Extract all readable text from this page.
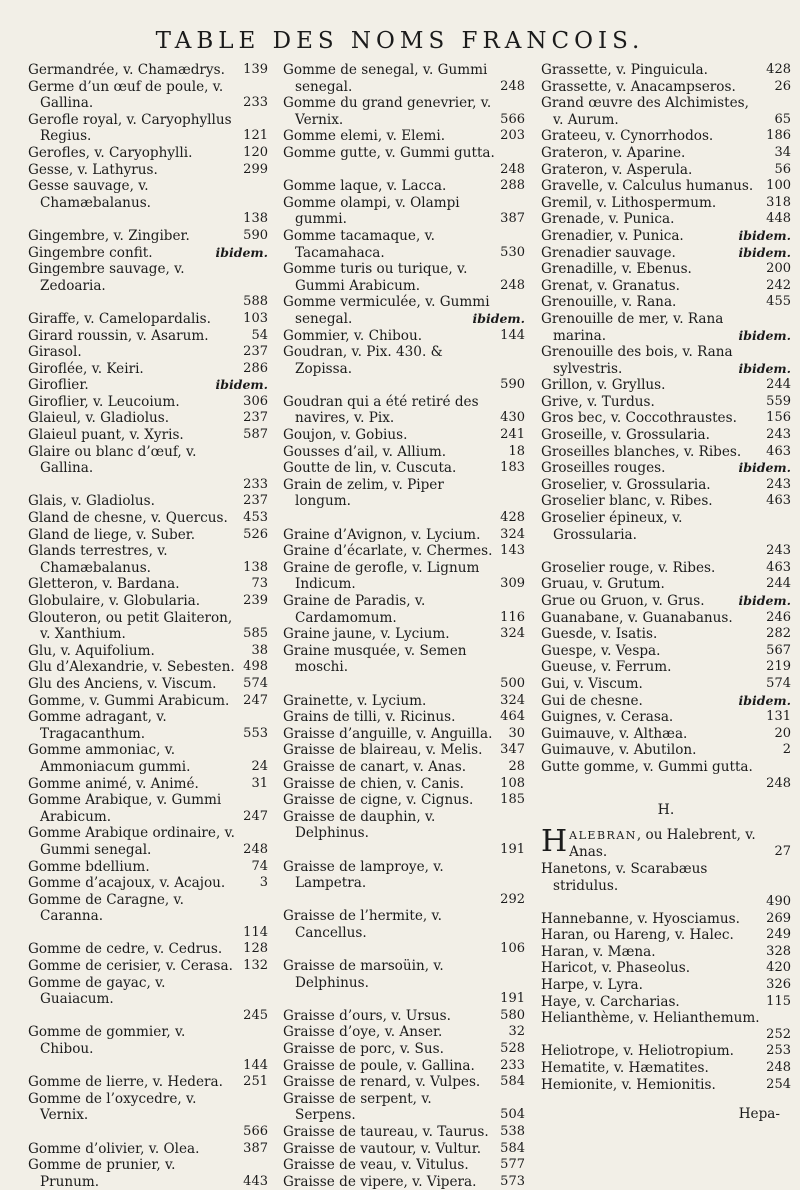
TABLE DES NOMS FRANCOIS.
Germandrée, v. Chamædrys.	139
Germe d’un œuf de poule, v. Gallina.	233
Gerofle royal, v. Caryophyllus Regius.	121
Gerofles, v. Caryophylli.	120
Gesse, v. Lathyrus.	299
Gesse sauvage, v. Chamæbalanus.
138
Gingembre, v. Zingiber.	590
Gingembre confit.	ibidem.
Gingembre sauvage, v. Zedoaria.
588
Giraffe, v. Camelopardalis.	103
Girard roussin, v. Asarum.	54
Girasol.	237
Giroflée, v. Keiri.	286
Giroflier.	ibidem.
Giroflier, v. Leucoium.	306
Glaieul, v. Gladiolus.	237
Glaieul puant, v. Xyris.	587
Glaire ou blanc d’œuf, v. Gallina.
233
Glais, v. Gladiolus.	237
Gland de chesne, v. Quercus.	453
Gland de liege, v. Suber.	526
Glands terrestres, v. Chamæbalanus.	138
Gletteron, v. Bardana.	73
Globulaire, v. Globularia.	239
Glouteron, ou petit Glaiteron, v. Xanthium.	585
Glu, v. Aquifolium.	38
Glu d’Alexandrie, v. Sebesten. 498
Glu des Anciens, v. Viscum.	574
Gomme, v. Gummi Arabicum.	247
Gomme adragant, v. Tragacanthum.	553
Gomme ammoniac, v. Ammoniacum gummi.	24
Gomme animé, v. Animé.	31
Gomme Arabique, v. Gummi Arabicum.	247
Gomme Arabique ordinaire, v. Gummi senegal.	248
Gomme bdellium.	74
Gomme d’acajoux, v. Acajou.	3
Gomme de Caragne, v. Caranna.
114
Gomme de cedre, v. Cedrus.	128
Gomme de cerisier, v. Cerasa. 132
Gomme de gayac, v. Guaiacum.
245
Gomme de gommier, v. Chibou.
144
Gomme de lierre, v. Hedera.	251
Gomme de l’oxycedre, v. Vernix.
566
Gomme d’olivier, v. Olea.	387
Gomme de prunier, v. Prunum.	443
Gomme de senegal, v. Gummi senegal.	248
Gomme du grand genevrier, v. Vernix.	566
Gomme elemi, v. Elemi.	203
Gomme gutte, v. Gummi gutta.
248
Gomme laque, v. Lacca.	288
Gomme olampi, v. Olampi gummi.	387
Gomme tacamaque, v. Tacamahaca.	530
Gomme turis ou turique, v. Gummi Arabicum.	248
Gomme vermiculée, v. Gummi senegal.	ibidem.
Gommier, v. Chibou.	144
Goudran, v. Pix. 430. & Zopissa.
590
Goudran qui a été retiré des navires, v. Pix.	430
Goujon, v. Gobius.	241
Gousses d’ail, v. Allium.	18
Goutte de lin, v. Cuscuta.	183
Grain de zelim, v. Piper longum.
428
Graine d’Avignon, v. Lycium.	324
Graine d’écarlate, v. Chermes. 143
Graine de gerofle, v. Lignum Indicum.	309
Graine de Paradis, v. Cardamomum.	116
Graine jaune, v. Lycium.	324
Graine musquée, v. Semen moschi.
500
Grainette, v. Lycium.	324
Grains de tilli, v. Ricinus.	464
Graisse d’anguille, v. Anguilla.	30
Graisse de blaireau, v. Melis.	347
Graisse de canart, v. Anas.	28
Graisse de chien, v. Canis.	108
Graisse de cigne, v. Cignus.	185
Graisse de dauphin, v. Delphinus.
191
Graisse de lamproye, v. Lampetra.
292
Graisse de l’hermite, v. Cancellus.
106
Graisse de marsoüin, v. Delphinus.
191
Graisse d’ours, v. Ursus.	580
Graisse d’oye, v. Anser.	32
Graisse de porc, v. Sus.	528
Graisse de poule, v. Gallina.	233
Graisse de renard, v. Vulpes.	584
Graisse de serpent, v. Serpens.	504
Graisse de taureau, v. Taurus. 538
Graisse de vautour, v. Vultur.	584
Graisse de veau, v. Vitulus.	577
Graisse de vipere, v. Vipera.	573
Grassette, v. Pinguicula.	428
Grassette, v. Anacampseros.	26
Grand œuvre des Alchimistes, v. Aurum.	65
Grateeu, v. Cynorrhodos.	186
Grateron, v. Aparine.	34
Grateron, v. Asperula.	56
Gravelle, v. Calculus humanus. 100
Gremil, v. Lithospermum.	318
Grenade, v. Punica.	448
Grenadier, v. Punica.	ibidem.
Grenadier sauvage.	ibidem.
Grenadille, v. Ebenus.	200
Grenat, v. Granatus.	242
Grenouille, v. Rana.	455
Grenouille de mer, v. Rana marina.	ibidem.
Grenouille des bois, v. Rana sylvestris.	ibidem.
Grillon, v. Gryllus.	244
Grive, v. Turdus.	559
Gros bec, v. Coccothraustes.	156
Groseille, v. Grossularia.	243
Groseilles blanches, v. Ribes.	463
Groseilles rouges.	ibidem.
Groselier, v. Grossularia.	243
Groselier blanc, v. Ribes.	463
Groselier épineux, v. Grossularia.
243
Groselier rouge, v. Ribes.	463
Gruau, v. Grutum.	244
Grue ou Gruon, v. Grus.	ibidem.
Guanabane, v. Guanabanus.	246
Guesde, v. Isatis.	282
Guespe, v. Vespa.	567
Gueuse, v. Ferrum.	219
Gui, v. Viscum.	574
Gui de chesne.	ibidem.
Guignes, v. Cerasa.	131
Guimauve, v. Althæa.	20
Guimauve, v. Abutilon.	2
Gutte gomme, v. Gummi gutta.
248
H.
HALEBRAN, ou Halebrent, v. Anas.	27
Hanetons, v. Scarabæus stridulus.
490
Hannebanne, v. Hyosciamus.	269
Haran, ou Hareng, v. Halec.	249
Haran, v. Mæna.	328
Haricot, v. Phaseolus.	420
Harpe, v. Lyra.	326
Haye, v. Carcharias.	115
Helianthème, v. Helianthemum.
252
Heliotrope, v. Heliotropium.	253
Hematite, v. Hæmatites.	248
Hemionite, v. Hemionitis.	254
Hepa-
